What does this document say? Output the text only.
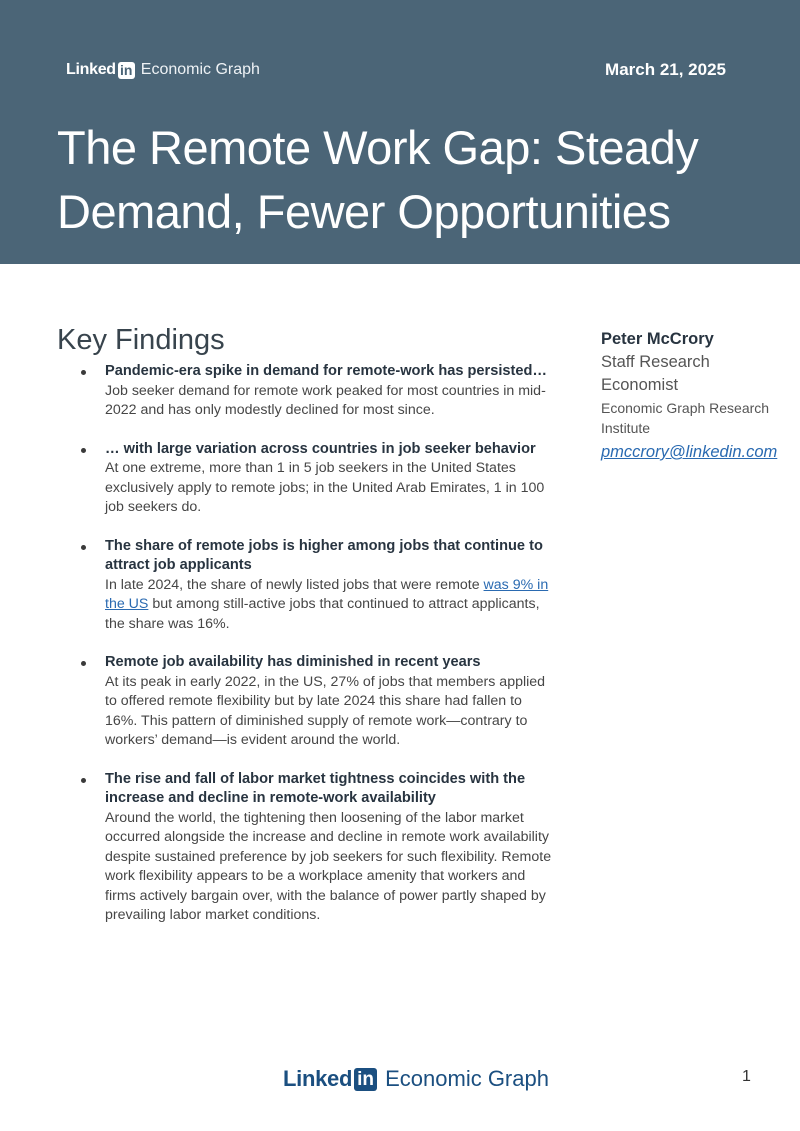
Linked in Economic Graph	March 21, 2025
The Remote Work Gap: Steady Demand, Fewer Opportunities
Key Findings
Pandemic-era spike in demand for remote-work has persisted…
Job seeker demand for remote work peaked for most countries in mid-2022 and has only modestly declined for most since.
… with large variation across countries in job seeker behavior
At one extreme, more than 1 in 5 job seekers in the United States exclusively apply to remote jobs; in the United Arab Emirates, 1 in 100 job seekers do.
The share of remote jobs is higher among jobs that continue to attract job applicants
In late 2024, the share of newly listed jobs that were remote was 9% in the US but among still-active jobs that continued to attract applicants, the share was 16%.
Remote job availability has diminished in recent years
At its peak in early 2022, in the US, 27% of jobs that members applied to offered remote flexibility but by late 2024 this share had fallen to 16%. This pattern of diminished supply of remote work—contrary to workers’ demand—is evident around the world.
The rise and fall of labor market tightness coincides with the increase and decline in remote-work availability
Around the world, the tightening then loosening of the labor market occurred alongside the increase and decline in remote work availability despite sustained preference by job seekers for such flexibility. Remote work flexibility appears to be a workplace amenity that workers and firms actively bargain over, with the balance of power partly shaped by prevailing labor market conditions.
Peter McCrory
Staff Research Economist
Economic Graph Research Institute
pmccrory@linkedin.com
Linked in Economic Graph	1
